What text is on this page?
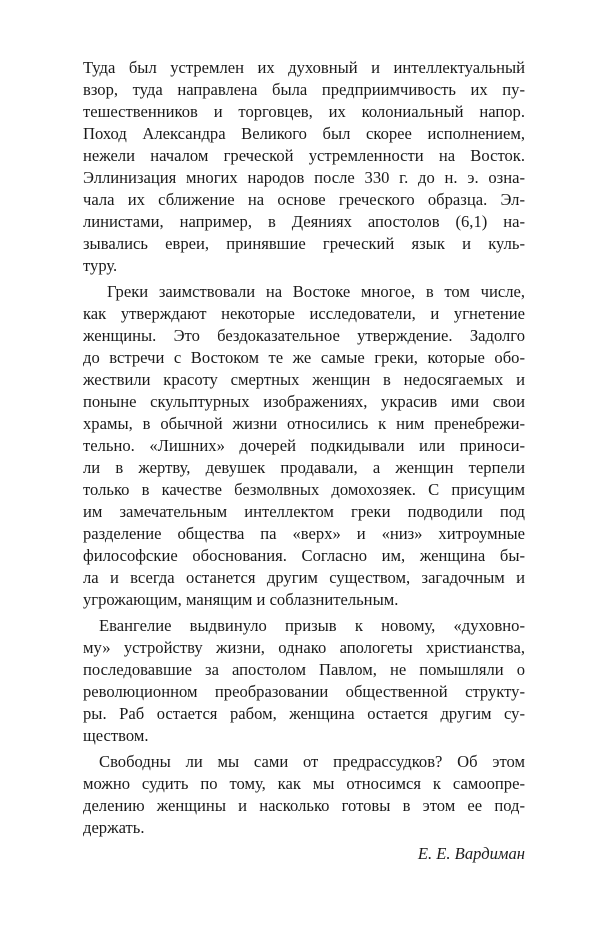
Туда был устремлен их духовный и интеллектуальный
взор, туда направлена была предприимчивость их пу-
тешественников и торговцев, их колониальный напор.
Поход Александра Великого был скорее исполнением,
нежели началом греческой устремленности на Восток.
Эллинизация многих народов после 330 г. до н. э. озна-
чала их сближение на основе греческого образца. Эл-
линистами, например, в Деяниях апостолов (6,1) на-
зывались евреи, принявшие греческий язык и куль-
туру.
Греки заимствовали на Востоке многое, в том числе,
как утверждают некоторые исследователи, и угнетение
женщины. Это бездоказательное утверждение. Задолго
до встречи с Востоком те же самые греки, которые обо-
жествили красоту смертных женщин в недосягаемых и
поныне скульптурных изображениях, украсив ими свои
храмы, в обычной жизни относились к ним пренебрежи-
тельно. «Лишних» дочерей подкидывали или приноси-
ли в жертву, девушек продавали, а женщин терпели
только в качестве безмолвных домохозяек. С присущим
им замечательным интеллектом греки подводили под
разделение общества па «верх» и «низ» хитроумные
философские обоснования. Согласно им, женщина бы-
ла и всегда останется другим существом, загадочным и
угрожающим, манящим и соблазнительным.
Евангелие выдвинуло призыв к новому, «духовно-
му» устройству жизни, однако апологеты христианства,
последовавшие за апостолом Павлом, не помышляли о
революционном преобразовании общественной структу-
ры. Раб остается рабом, женщина остается другим су-
ществом.
Свободны ли мы сами от предрассудков? Об этом
можно судить по тому, как мы относимся к самоопре-
делению женщины и насколько готовы в этом ее под-
держать.
Е. Е. Вардиман
